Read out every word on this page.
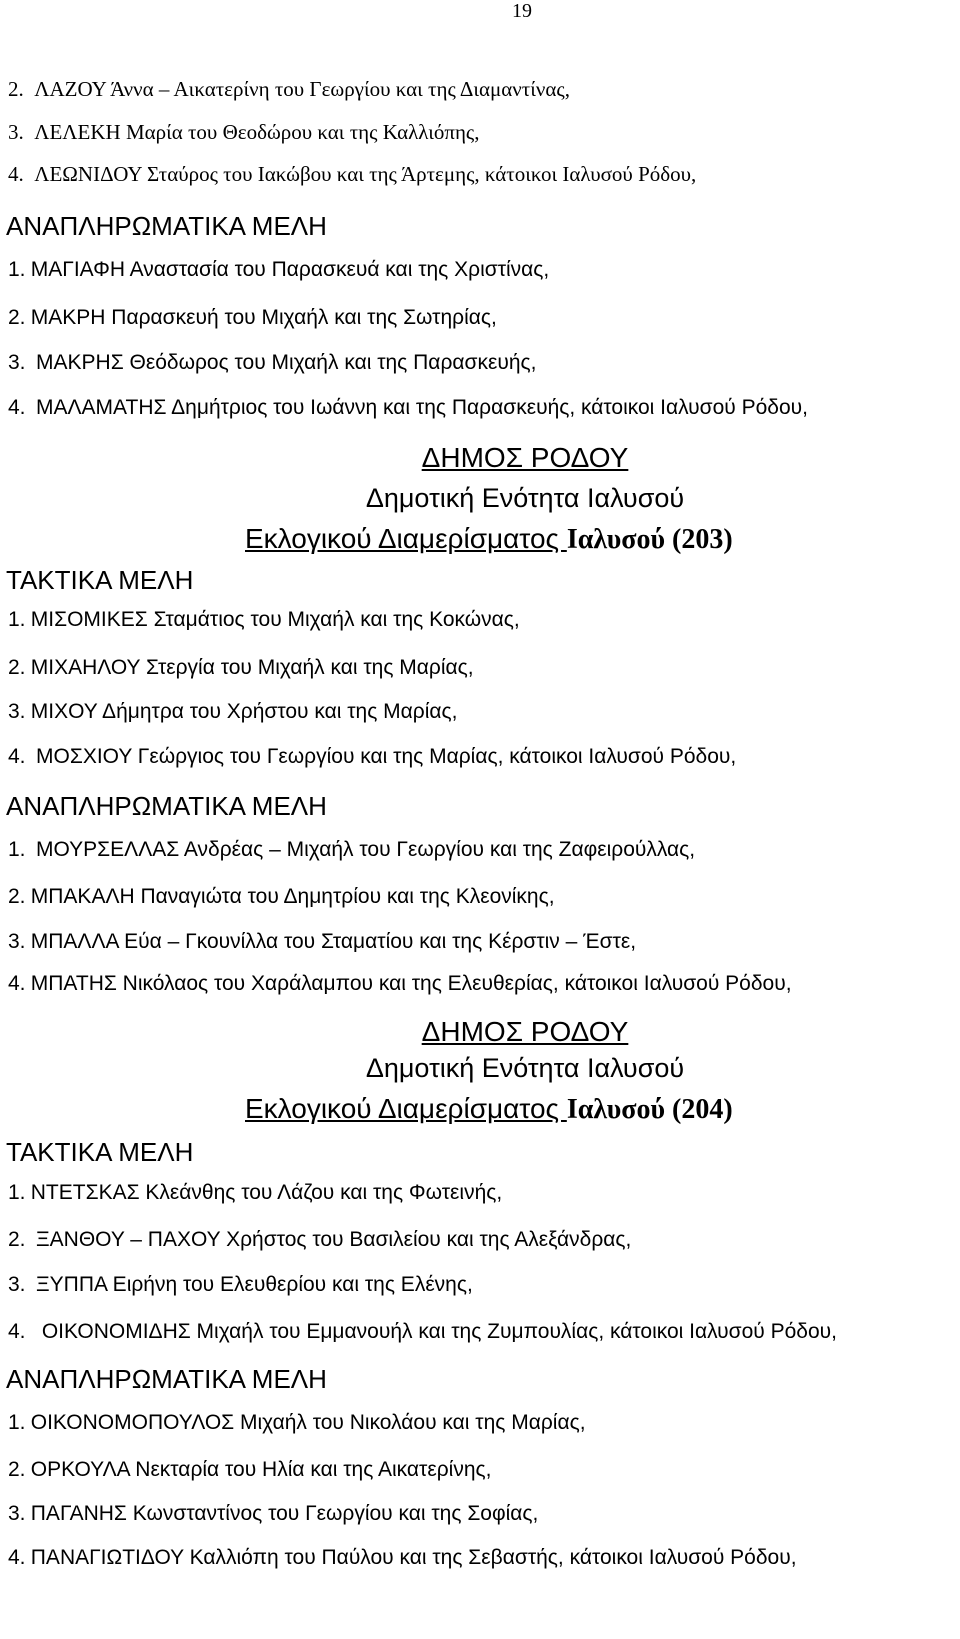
19
2. ΛΑΖΟΥ Άννα – Αικατερίνη του Γεωργίου και της Διαμαντίνας,
3. ΛΕΛΕΚΗ Μαρία του Θεοδώρου και της Καλλιόπης,
4. ΛΕΩΝΙΔΟΥ Σταύρος του Ιακώβου και της Άρτεμης, κάτοικοι Ιαλυσού Ρόδου,
ΑΝΑΠΛΗΡΩΜΑΤΙΚΑ ΜΕΛΗ
1. ΜΑΓΙΑΦΗ Αναστασία του Παρασκευά και της Χριστίνας,
2. ΜΑΚΡΗ Παρασκευή του Μιχαήλ και της Σωτηρίας,
3. ΜΑΚΡΗΣ Θεόδωρος του Μιχαήλ και της Παρασκευής,
4. ΜΑΛΑΜΑΤΗΣ Δημήτριος του Ιωάννη και της Παρασκευής, κάτοικοι Ιαλυσού Ρόδου,
ΔΗΜΟΣ ΡΟΔΟΥ
Δημοτική Ενότητα Ιαλυσού
Εκλογικού Διαμερίσματος Ιαλυσού (203)
ΤΑΚΤΙΚΑ ΜΕΛΗ
1. ΜΙΣΟΜΙΚΕΣ Σταμάτιος του Μιχαήλ και της Κοκώνας,
2. ΜΙΧΑΗΛΟΥ Στεργία του Μιχαήλ και της Μαρίας,
3. ΜΙΧΟΥ Δήμητρα του Χρήστου και της Μαρίας,
4. ΜΟΣΧΙΟΥ Γεώργιος του Γεωργίου και της Μαρίας, κάτοικοι Ιαλυσού Ρόδου,
ΑΝΑΠΛΗΡΩΜΑΤΙΚΑ ΜΕΛΗ
1. ΜΟΥΡΣΕΛΛΑΣ Ανδρέας – Μιχαήλ του Γεωργίου και της Ζαφειρούλλας,
2. ΜΠΑΚΑΛΗ Παναγιώτα του Δημητρίου και της Κλεονίκης,
3. ΜΠΑΛΛΑ Εύα – Γκουνίλλα του Σταματίου και της Κέρστιν – Έστε,
4. ΜΠΑΤΗΣ Νικόλαος του Χαράλαμπου και της Ελευθερίας, κάτοικοι Ιαλυσού Ρόδου,
ΔΗΜΟΣ ΡΟΔΟΥ
Δημοτική Ενότητα Ιαλυσού
Εκλογικού Διαμερίσματος Ιαλυσού (204)
ΤΑΚΤΙΚΑ ΜΕΛΗ
1. ΝΤΕΤΣΚΑΣ Κλεάνθης του Λάζου και της Φωτεινής,
2. ΞΑΝΘΟΥ – ΠΑΧΟΥ Χρήστος του Βασιλείου και της Αλεξάνδρας,
3. ΞΥΠΠΑ Ειρήνη του Ελευθερίου και της Ελένης,
4.   ΟΙΚΟΝΟΜΙΔΗΣ Μιχαήλ του Εμμανουήλ και της Ζυμπουλίας, κάτοικοι Ιαλυσού Ρόδου,
ΑΝΑΠΛΗΡΩΜΑΤΙΚΑ ΜΕΛΗ
1. ΟΙΚΟΝΟΜΟΠΟΥΛΟΣ Μιχαήλ του Νικολάου και της Μαρίας,
2. ΟΡΚΟΥΛΑ Νεκταρία του Ηλία και της Αικατερίνης,
3. ΠΑΓΑΝΗΣ Κωνσταντίνος του Γεωργίου και της Σοφίας,
4. ΠΑΝΑΓΙΩΤΙΔΟΥ Καλλιόπη του Παύλου και της Σεβαστής, κάτοικοι Ιαλυσού Ρόδου,
